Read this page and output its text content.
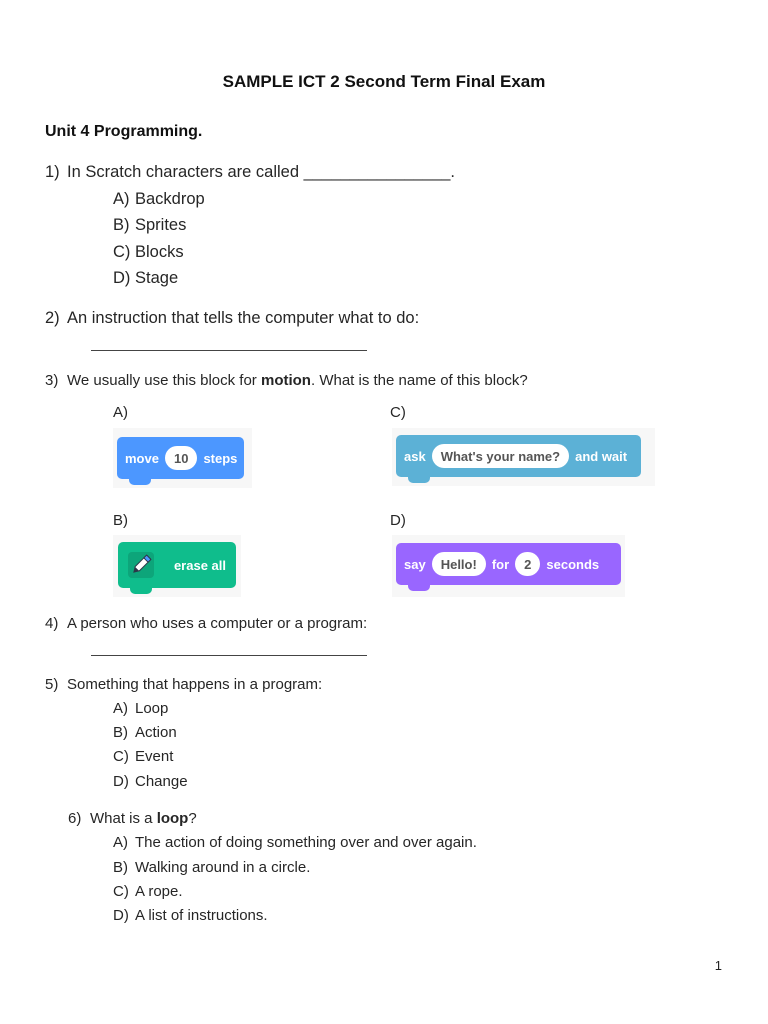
SAMPLE ICT 2 Second Term Final Exam
Unit 4 Programming.
1) In Scratch characters are called ________________.
A) Backdrop
B) Sprites
C) Blocks
D) Stage
2) An instruction that tells the computer what to do:
3) We usually use this block for motion. What is the name of this block?
A)	C)
move	10	steps	ask	What's your name?	and wait
B)	D)
erase all	say	Hello!	for	2	seconds
4) A person who uses a computer or a program:
5) Something that happens in a program:
A) Loop
B) Action
C) Event
D) Change
6) What is a loop?
A) The action of doing something over and over again.
B) Walking around in a circle.
C) A rope.
D) A list of instructions.
1
